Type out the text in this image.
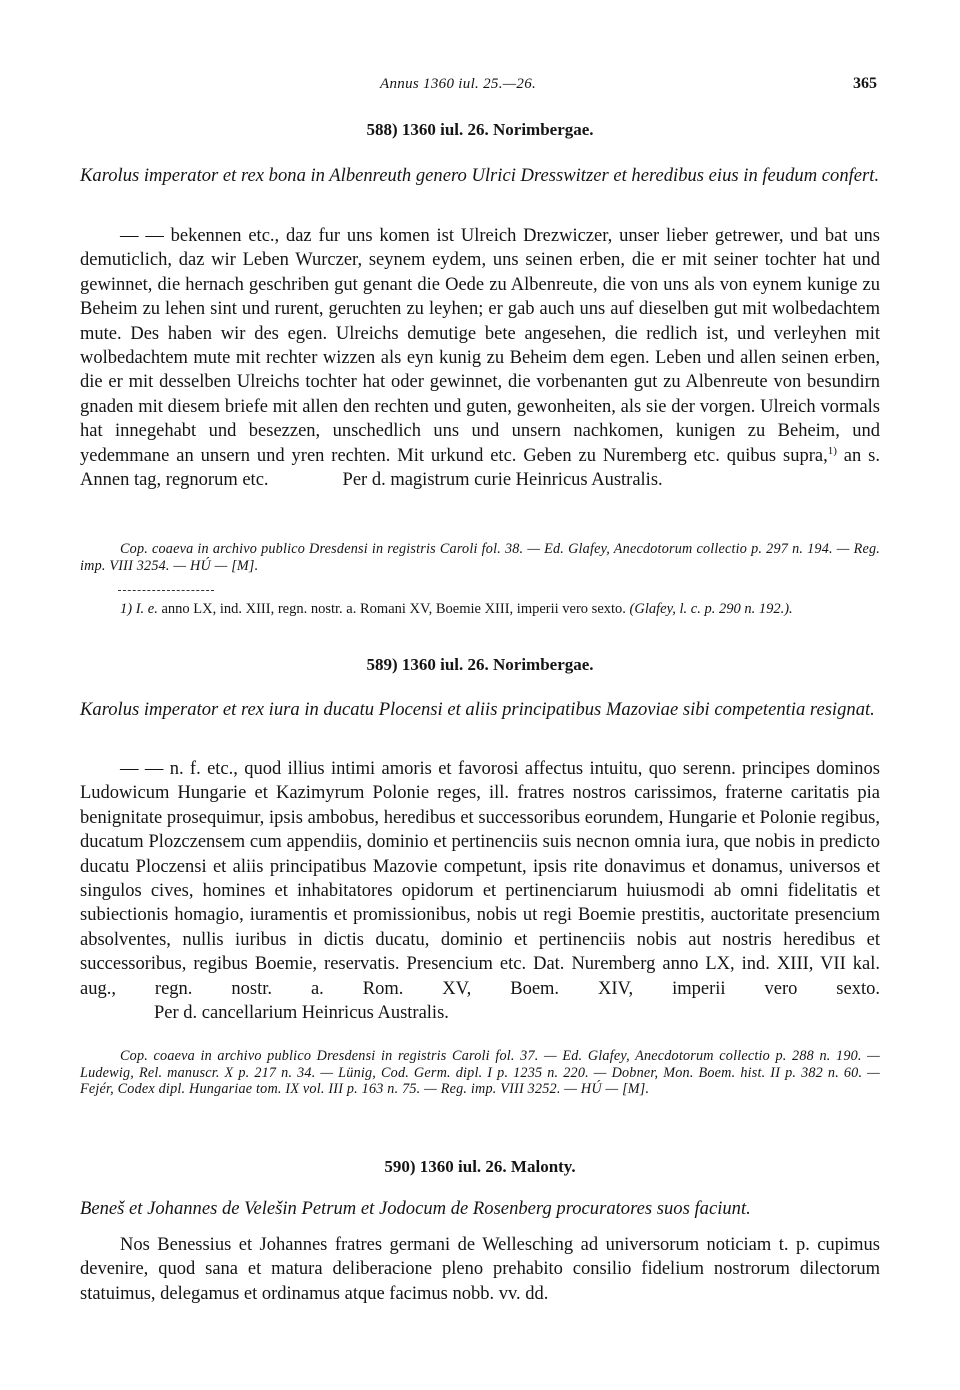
Annus 1360 iul. 25.—26.	365
588) 1360 iul. 26. Norimbergae.
Karolus imperator et rex bona in Albenreuth genero Ulrici Dresswitzer et heredibus eius in feudum confert.

— — bekennen etc., daz fur uns komen ist Ulreich Drezwiczer, unser lieber getrewer, und bat uns demuticlich, daz wir Leben Wurczer, seynem eydem, uns seinen erben, die er mit seiner tochter hat und gewinnet, die hernach geschriben gut genant die Oede zu Albenreute, die von uns als von eynem kunige zu Beheim zu lehen sint und rurent, geruchten zu leyhen; er gab auch uns auf dieselben gut mit wolbedachtem mute. Des haben wir des egen. Ulreichs demutige bete angesehen, die redlich ist, und verleyhen mit wolbedachtem mute mit rechter wizzen als eyn kunig zu Beheim dem egen. Leben und allen seinen erben, die er mit desselben Ulreichs tochter hat oder gewinnet, die vorbenanten gut zu Albenreute von besundirn gnaden mit diesem briefe mit allen den rechten und guten, gewonheiten, als sie der vorgen. Ulreich vormals hat innegehabt und besezzen, unschedlich uns und unsern nachkomen, kunigen zu Beheim, und yedemmane an unsern und yren rechten. Mit urkund etc. Geben zu Nuremberg etc. quibus supra,$^{1)}$ an s. Annen tag, regnorum etc.	Per d. magistrum curie Heinricus Australis.

Cop. coaeva in archivo publico Dresdensi in registris Caroli fol. 38. — Ed. Glafey, Anecdotorum collectio p. 297 n. 194. — Reg. imp. VIII 3254. — HÚ — [M].
1) I. e. anno LX, ind. XIII, regn. nostr. a. Romani XV, Boemie XIII, imperii vero sexto. (Glafey, l. c. p. 290 n. 192.).
589) 1360 iul. 26. Norimbergae.
Karolus imperator et rex iura in ducatu Plocensi et aliis principatibus Mazoviae sibi competentia resignat.

— — n. f. etc., quod illius intimi amoris et favorosi affectus intuitu, quo serenn. principes dominos Ludowicum Hungarie et Kazimyrum Polonie reges, ill. fratres nostros carissimos, fraterne caritatis pia benignitate prosequimur, ipsis ambobus, heredibus et successoribus eorundem, Hungarie et Polonie regibus, ducatum Plozczensem cum appendiis, dominio et pertinenciis suis necnon omnia iura, que nobis in predicto ducatu Ploczensi et aliis principatibus Mazovie competunt, ipsis rite donavimus et donamus, universos et singulos cives, homines et inhabitatores opidorum et pertinenciarum huiusmodi ab omni fidelitatis et subiectionis homagio, iuramentis et promissionibus, nobis ut regi Boemie prestitis, auctoritate presencium absolventes, nullis iuribus in dictis ducatu, dominio et pertinenciis nobis aut nostris heredibus et successoribus, regibus Boemie, reservatis. Presencium etc. Dat. Nuremberg anno LX, ind. XIII, VII kal. aug., regn. nostr. a. Rom. XV, Boem. XIV, imperii vero sexto.Per d. cancellarium Heinricus Australis.

Cop. coaeva in archivo publico Dresdensi in registris Caroli fol. 37. — Ed. Glafey, Anecdotorum collectio p. 288 n. 190. — Ludewig, Rel. manuscr. X p. 217 n. 34. — Lünig, Cod. Germ. dipl. I p. 1235 n. 220. — Dobner, Mon. Boem. hist. II p. 382 n. 60. — Fejér, Codex dipl. Hungariae tom. IX vol. III p. 163 n. 75. — Reg. imp. VIII 3252. — HÚ — [M].
590) 1360 iul. 26. Malonty.
Beneš et Johannes de Velešin Petrum et Jodocum de Rosenberg procuratores suos faciunt.

Nos Benessius et Johannes fratres germani de Wellesching ad universorum noticiam t. p. cupimus devenire, quod sana et matura deliberacione pleno prehabito consilio fidelium nostrorum dilectorum statuimus, delegamus et ordinamus atque facimus nobb. vv. dd.
